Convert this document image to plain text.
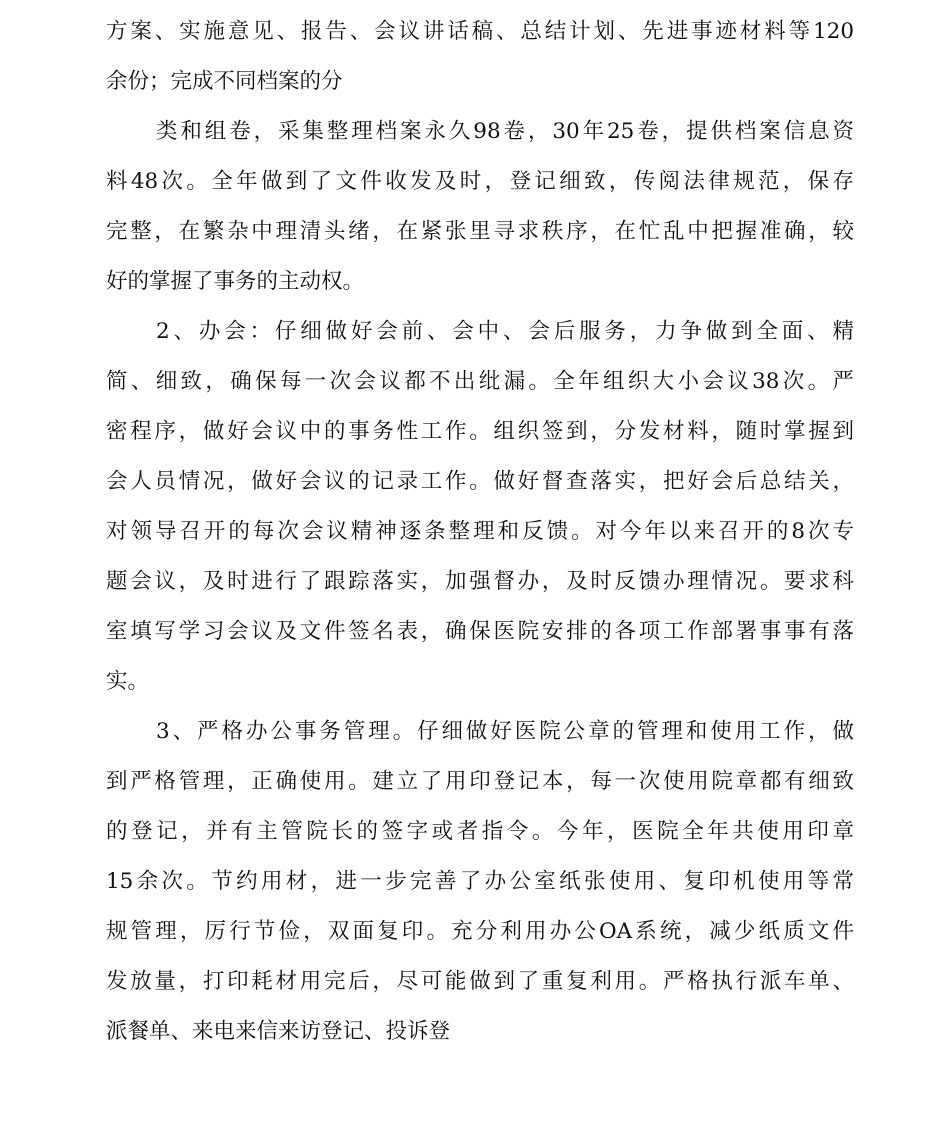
方案、实施意见、报告、会议讲话稿、总结计划、先进事迹材料等120
余份；完成不同档案的分
类和组卷，采集整理档案永久98卷，30年25卷，提供档案信息资
料48次。全年做到了文件收发及时，登记细致，传阅法律规范，保存
完整，在繁杂中理清头绪，在紧张里寻求秩序，在忙乱中把握准确，较
好的掌握了事务的主动权。
2、办会：仔细做好会前、会中、会后服务，力争做到全面、精
简、细致，确保每一次会议都不出纰漏。全年组织大小会议38次。严
密程序，做好会议中的事务性工作。组织签到，分发材料，随时掌握到
会人员情况，做好会议的记录工作。做好督查落实，把好会后总结关，
对领导召开的每次会议精神逐条整理和反馈。对今年以来召开的8次专
题会议，及时进行了跟踪落实，加强督办，及时反馈办理情况。要求科
室填写学习会议及文件签名表，确保医院安排的各项工作部署事事有落
实。
3、严格办公事务管理。仔细做好医院公章的管理和使用工作，做
到严格管理，正确使用。建立了用印登记本，每一次使用院章都有细致
的登记，并有主管院长的签字或者指令。今年，医院全年共使用印章
15余次。节约用材，进一步完善了办公室纸张使用、复印机使用等常
规管理，厉行节俭，双面复印。充分利用办公OA系统，减少纸质文件
发放量，打印耗材用完后，尽可能做到了重复利用。严格执行派车单、
派餐单、来电来信来访登记、投诉登
